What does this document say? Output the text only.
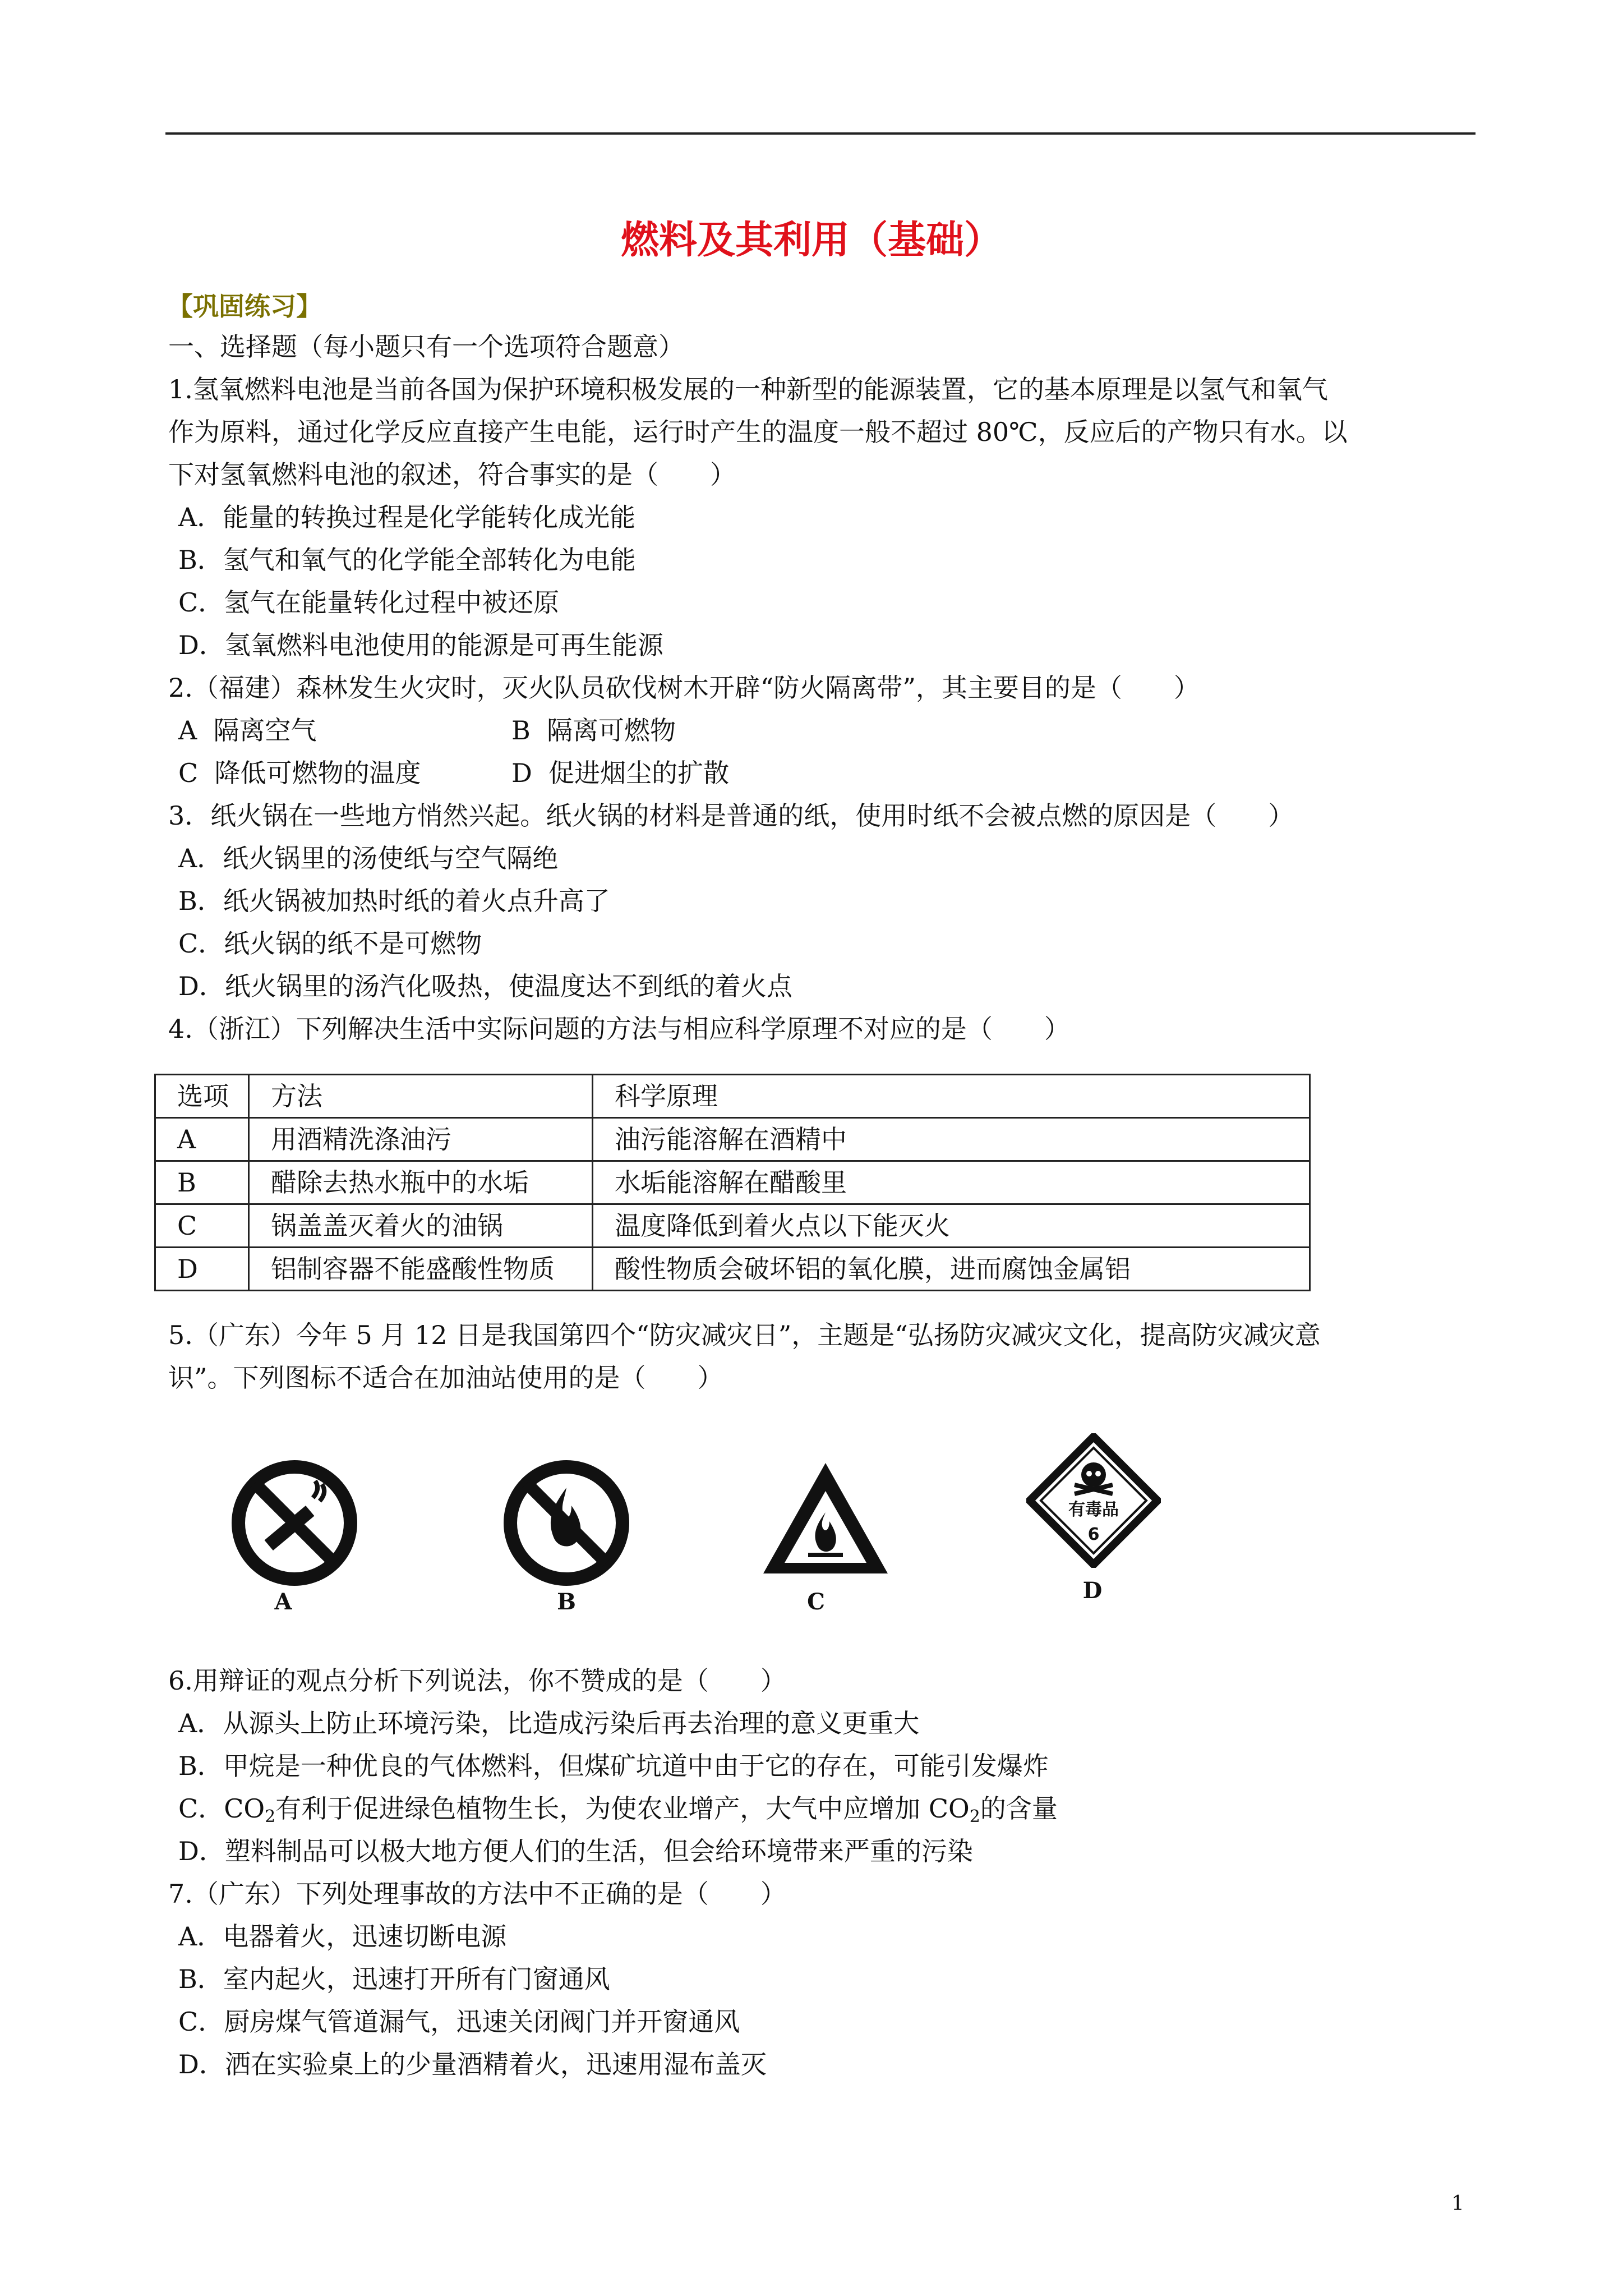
燃料及其利用（基础）
【巩固练习】
一、选择题（每小题只有一个选项符合题意）
1.氢氧燃料电池是当前各国为保护环境积极发展的一种新型的能源装置，它的基本原理是以氢气和氧气
作为原料，通过化学反应直接产生电能，运行时产生的温度一般不超过 80℃，反应后的产物只有水。以
下对氢氧燃料电池的叙述，符合事实的是（　　）
A．能量的转换过程是化学能转化成光能
B．氢气和氧气的化学能全部转化为电能
C．氢气在能量转化过程中被还原
D．氢氧燃料电池使用的能源是可再生能源
2.（福建）森林发生火灾时，灭火队员砍伐树木开辟“防火隔离带”，其主要目的是（　　）
A  隔离空气	B  隔离可燃物
C  降低可燃物的温度	D  促进烟尘的扩散
3．纸火锅在一些地方悄然兴起。纸火锅的材料是普通的纸，使用时纸不会被点燃的原因是（　　）
A．纸火锅里的汤使纸与空气隔绝
B．纸火锅被加热时纸的着火点升高了
C．纸火锅的纸不是可燃物
D．纸火锅里的汤汽化吸热，使温度达不到纸的着火点
4.（浙江）下列解决生活中实际问题的方法与相应科学原理不对应的是（　　）
选项	方法	科学原理
A	用酒精洗涤油污	油污能溶解在酒精中
B	醋除去热水瓶中的水垢	水垢能溶解在醋酸里
C	锅盖盖灭着火的油锅	温度降低到着火点以下能灭火
D	铝制容器不能盛酸性物质	酸性物质会破坏铝的氧化膜，进而腐蚀金属铝
5.（广东）今年 5 月 12 日是我国第四个“防灾减灾日”，主题是“弘扬防灾减灾文化，提高防灾减灾意
识”。下列图标不适合在加油站使用的是（　　）
A	B	C
有毒品
6
D
6.用辩证的观点分析下列说法，你不赞成的是（　　）
A．从源头上防止环境污染，比造成污染后再去治理的意义更重大
B．甲烷是一种优良的气体燃料，但煤矿坑道中由于它的存在，可能引发爆炸
C．$CO_2$有利于促进绿色植物生长，为使农业增产，大气中应增加 $CO_2$的含量
D．塑料制品可以极大地方便人们的生活，但会给环境带来严重的污染
7.（广东）下列处理事故的方法中不正确的是（　　）
A．电器着火，迅速切断电源
B．室内起火，迅速打开所有门窗通风
C．厨房煤气管道漏气，迅速关闭阀门并开窗通风
D．洒在实验桌上的少量酒精着火，迅速用湿布盖灭
1
